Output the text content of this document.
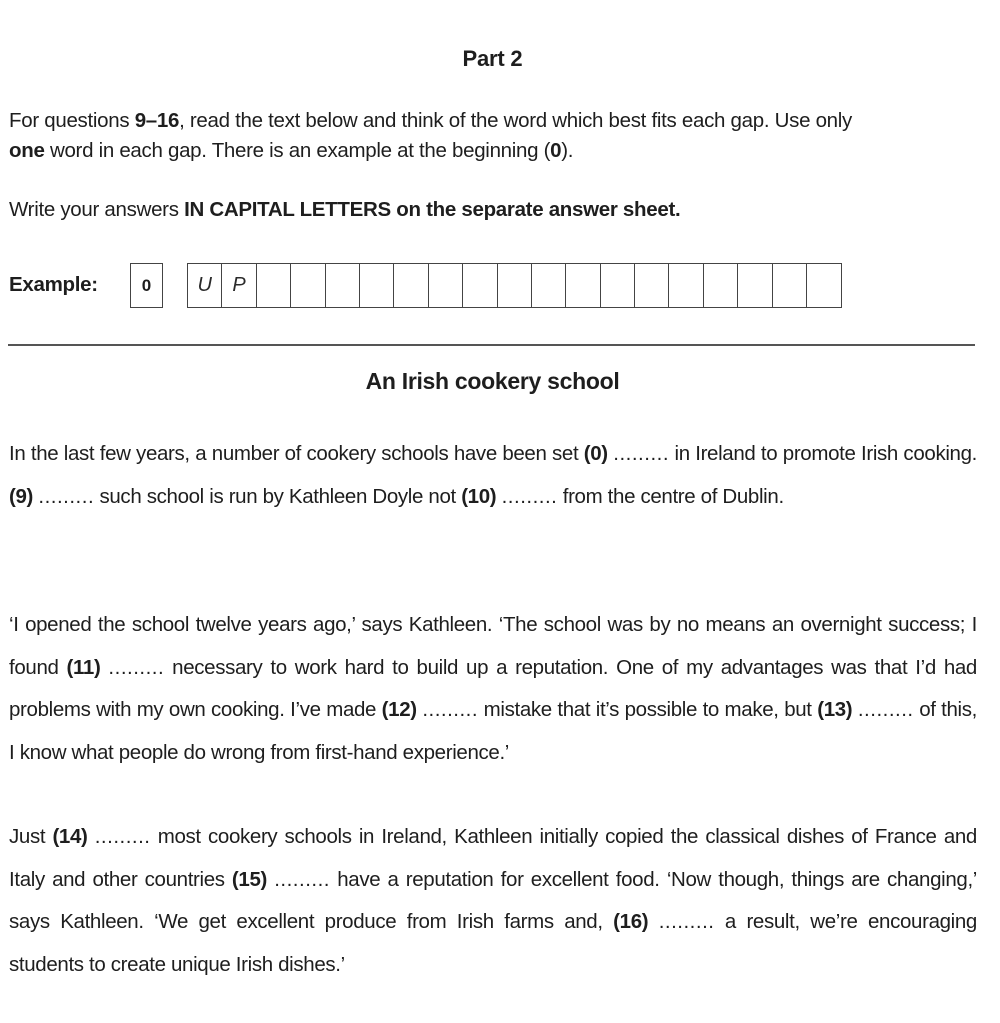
Part 2

For questions 9–16, read the text below and think of the word which best fits each gap. Use only
one word in each gap. There is an example at the beginning (0).

Write your answers IN CAPITAL LETTERS on the separate answer sheet.

Example:	0	U	P
An Irish cookery school

In the last few years, a number of cookery schools have been set (0) ......... in Ireland to promote Irish cooking. (9) ......... such school is run by Kathleen Doyle not (10) ......... from the centre of Dublin.

‘I opened the school twelve years ago,’ says Kathleen. ‘The school was by no means an overnight success; I found (11) ......... necessary to work hard to build up a reputation. One of my advantages was that I’d had problems with my own cooking. I’ve made (12) ......... mistake that it’s possible to make, but (13) ......... of this, I know what people do wrong from first-hand experience.’

Just (14) ......... most cookery schools in Ireland, Kathleen initially copied the classical dishes of France and Italy and other countries (15) ......... have a reputation for excellent food. ‘Now though, things are changing,’ says Kathleen. ‘We get excellent produce from Irish farms and, (16) ......... a result, we’re encouraging students to create unique Irish dishes.’
